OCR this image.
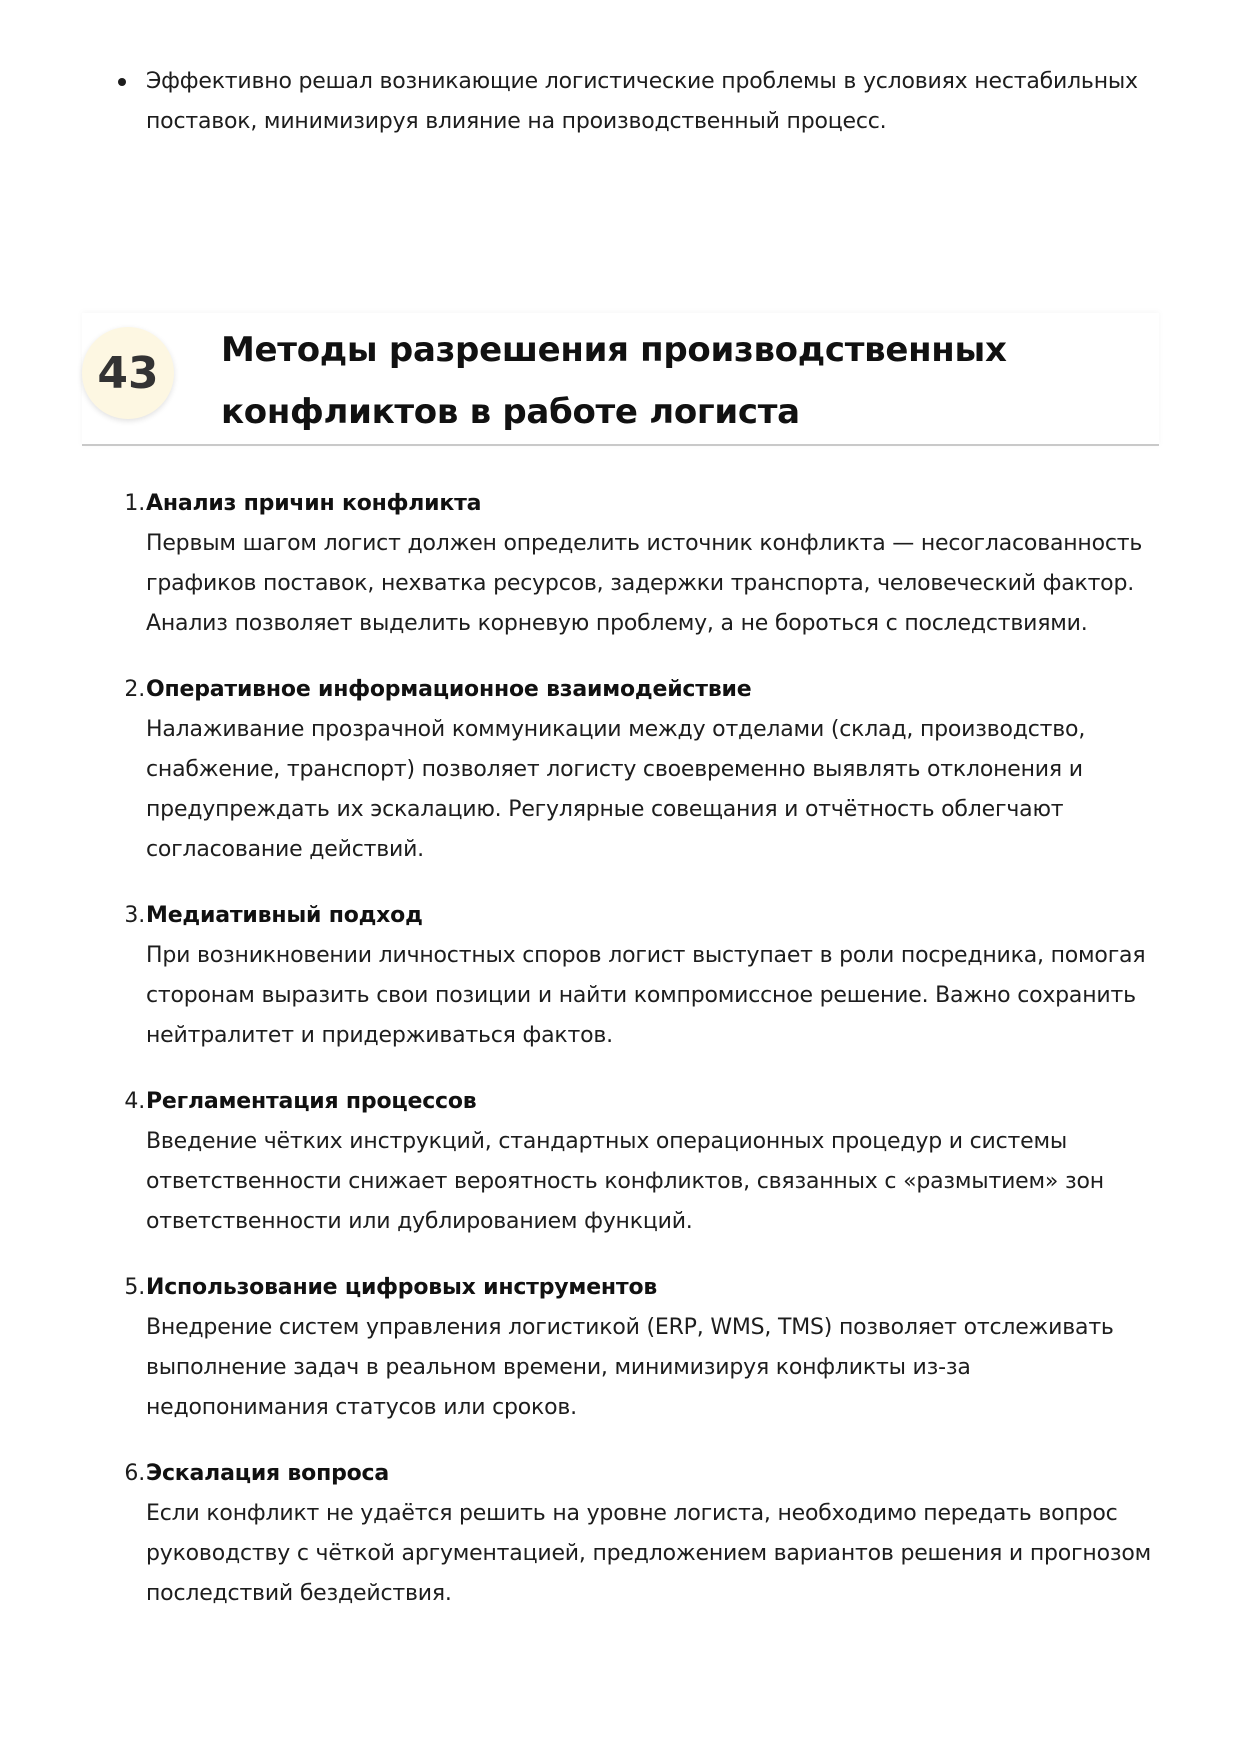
Эффективно решал возникающие логистические проблемы в условиях нестабильных поставок, минимизируя влияние на производственный процесс.
43	Методы разрешения производственных
конфликтов в работе логиста
1. Анализ причин конфликта
Первым шагом логист должен определить источник конфликта — несогласованность графиков поставок, нехватка ресурсов, задержки транспорта, человеческий фактор. Анализ позволяет выделить корневую проблему, а не бороться с последствиями.
2. Оперативное информационное взаимодействие
Налаживание прозрачной коммуникации между отделами (склад, производство, снабжение, транспорт) позволяет логисту своевременно выявлять отклонения и предупреждать их эскалацию. Регулярные совещания и отчётность облегчают согласование действий.
3. Медиативный подход
При возникновении личностных споров логист выступает в роли посредника, помогая сторонам выразить свои позиции и найти компромиссное решение. Важно сохранить нейтралитет и придерживаться фактов.
4. Регламентация процессов
Введение чётких инструкций, стандартных операционных процедур и системы ответственности снижает вероятность конфликтов, связанных с «размытием» зон ответственности или дублированием функций.
5. Использование цифровых инструментов
Внедрение систем управления логистикой (ERP, WMS, TMS) позволяет отслеживать выполнение задач в реальном времени, минимизируя конфликты из-за недопонимания статусов или сроков.
6. Эскалация вопроса
Если конфликт не удаётся решить на уровне логиста, необходимо передать вопрос руководству с чёткой аргументацией, предложением вариантов решения и прогнозом последствий бездействия.
